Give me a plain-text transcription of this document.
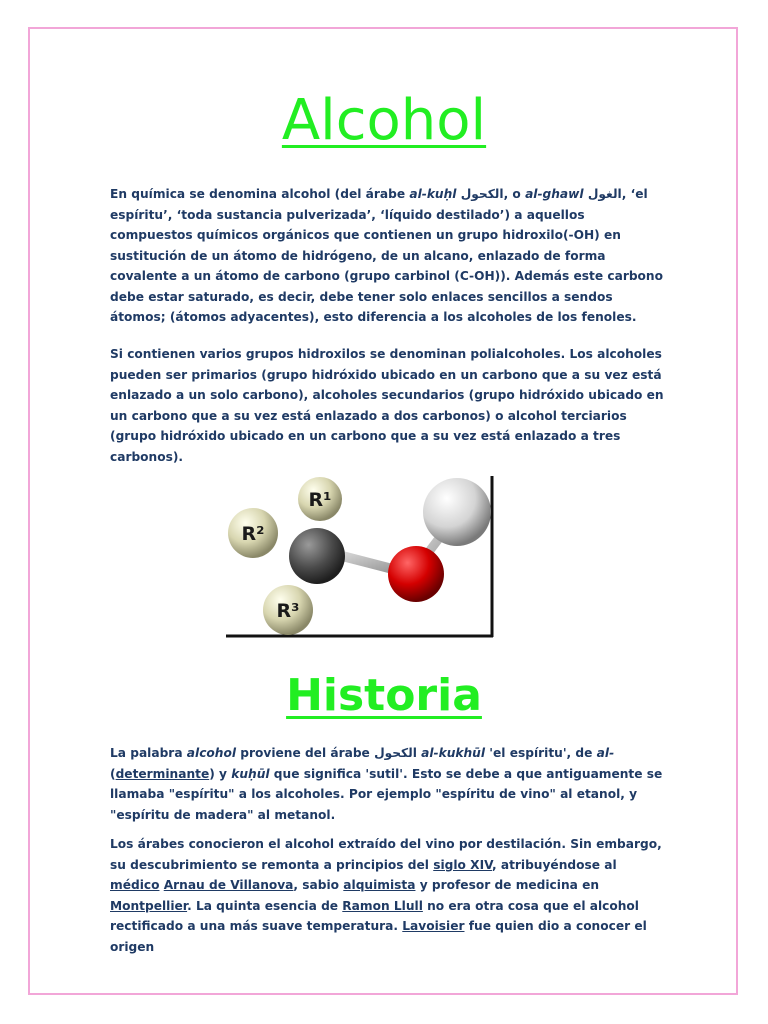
Alcohol

En química se denomina alcohol (del árabe al-kuḥl الكحول, o al-ghawl الغول, ‘el espíritu’, ‘toda sustancia pulverizada’, ‘líquido destilado’) a aquellos compuestos químicos orgánicos que contienen un grupo hidroxilo(-OH) en sustitución de un átomo de hidrógeno, de un alcano, enlazado de forma covalente a un átomo de carbono (grupo carbinol (C-OH)). Además este carbono debe estar saturado, es decir, debe tener solo enlaces sencillos a sendos átomos; (átomos adyacentes), esto diferencia a los alcoholes de los fenoles.

Si contienen varios grupos hidroxilos se denominan polialcoholes. Los alcoholes pueden ser primarios (grupo hidróxido ubicado en un carbono que a su vez está enlazado a un solo carbono), alcoholes secundarios (grupo hidróxido ubicado en un carbono que a su vez está enlazado a dos carbonos) o alcohol terciarios (grupo hidróxido ubicado en un carbono que a su vez está enlazado a tres carbonos).

R¹
R²
R³
Historia

La palabra alcohol proviene del árabe الكحول al-kukhūl 'el espíritu', de al- (determinante) y kuḥūl que significa 'sutil'. Esto se debe a que antiguamente se llamaba "espíritu" a los alcoholes. Por ejemplo "espíritu de vino" al etanol, y "espíritu de madera" al metanol.

Los árabes conocieron el alcohol extraído del vino por destilación. Sin embargo, su descubrimiento se remonta a principios del siglo XIV, atribuyéndose al médico Arnau de Villanova, sabio alquimista y profesor de medicina en Montpellier. La quinta esencia de Ramon Llull no era otra cosa que el alcohol rectificado a una más suave temperatura. Lavoisier fue quien dio a conocer el origen
